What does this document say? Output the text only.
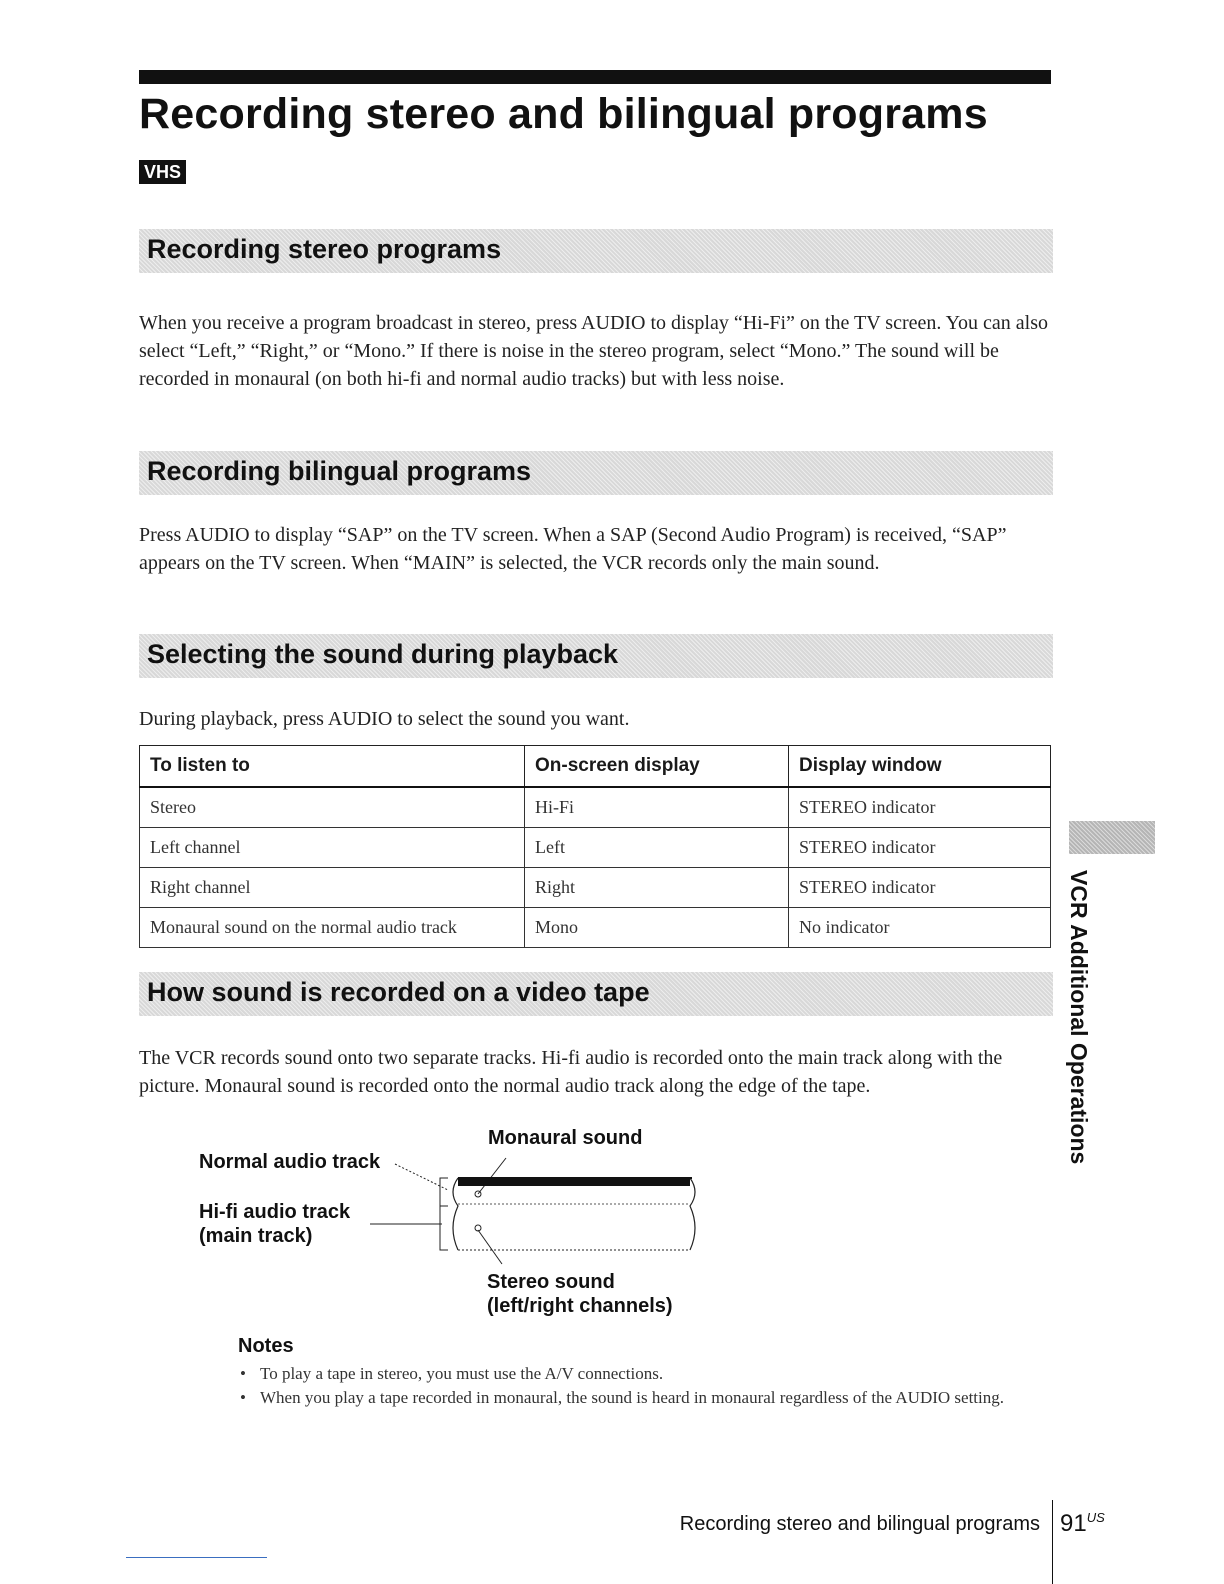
Recording stereo and bilingual programs
VHS
Recording stereo programs

When you receive a program broadcast in stereo, press AUDIO to display “Hi-Fi” on the TV screen. You can also select “Left,” “Right,” or “Mono.” If there is noise in the stereo program, select “Mono.” The sound will be recorded in monaural (on both hi-fi and normal audio tracks) but with less noise.

Recording bilingual programs

Press AUDIO to display “SAP” on the TV screen. When a SAP (Second Audio Program) is received, “SAP” appears on the TV screen. When “MAIN” is selected, the VCR records only the main sound.

Selecting the sound during playback

During playback, press AUDIO to select the sound you want.

To listen to	On-screen display	Display window
Stereo	Hi-Fi	STEREO indicator
Left channel	Left	STEREO indicator
Right channel	Right	STEREO indicator
Monaural sound on the normal audio track	Mono	No indicator
How sound is recorded on a video tape

The VCR records sound onto two separate tracks. Hi-fi audio is recorded onto the main track along with the picture. Monaural sound is recorded onto the normal audio track along the edge of the tape.

Monaural sound
Normal audio track
Hi-fi audio track
(main track)
Stereo sound
(left/right channels)
Notes
• To play a tape in stereo, you must use the A/V connections.
• When you play a tape recorded in monaural, the sound is heard in monaural regardless of the AUDIO setting.
VCR Additional Operations
Recording stereo and bilingual programs $91^{US}$
